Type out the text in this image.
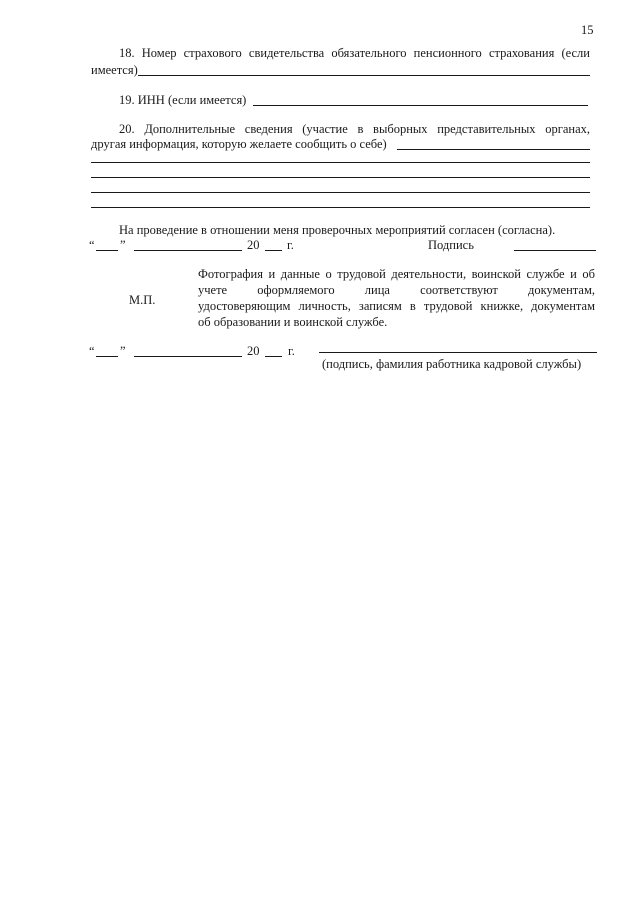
15
18. Номер страхового свидетельства обязательного пенсионного страхования (если
имеется)
19. ИНН (если имеется)
20. Дополнительные сведения (участие в выборных представительных органах,
другая информация, которую желаете сообщить о себе)
На проведение в отношении меня проверочных мероприятий согласен (согласна).
“ ”	20 г.	Подпись
М.П.
Фотография и данные о трудовой деятельности, воинской службе и об
учете оформляемого лица соответствуют документам,
удостоверяющим личность, записям в трудовой книжке, документам
об образовании и воинской службе.
“ ”	20 г.
(подпись, фамилия работника кадровой службы)
